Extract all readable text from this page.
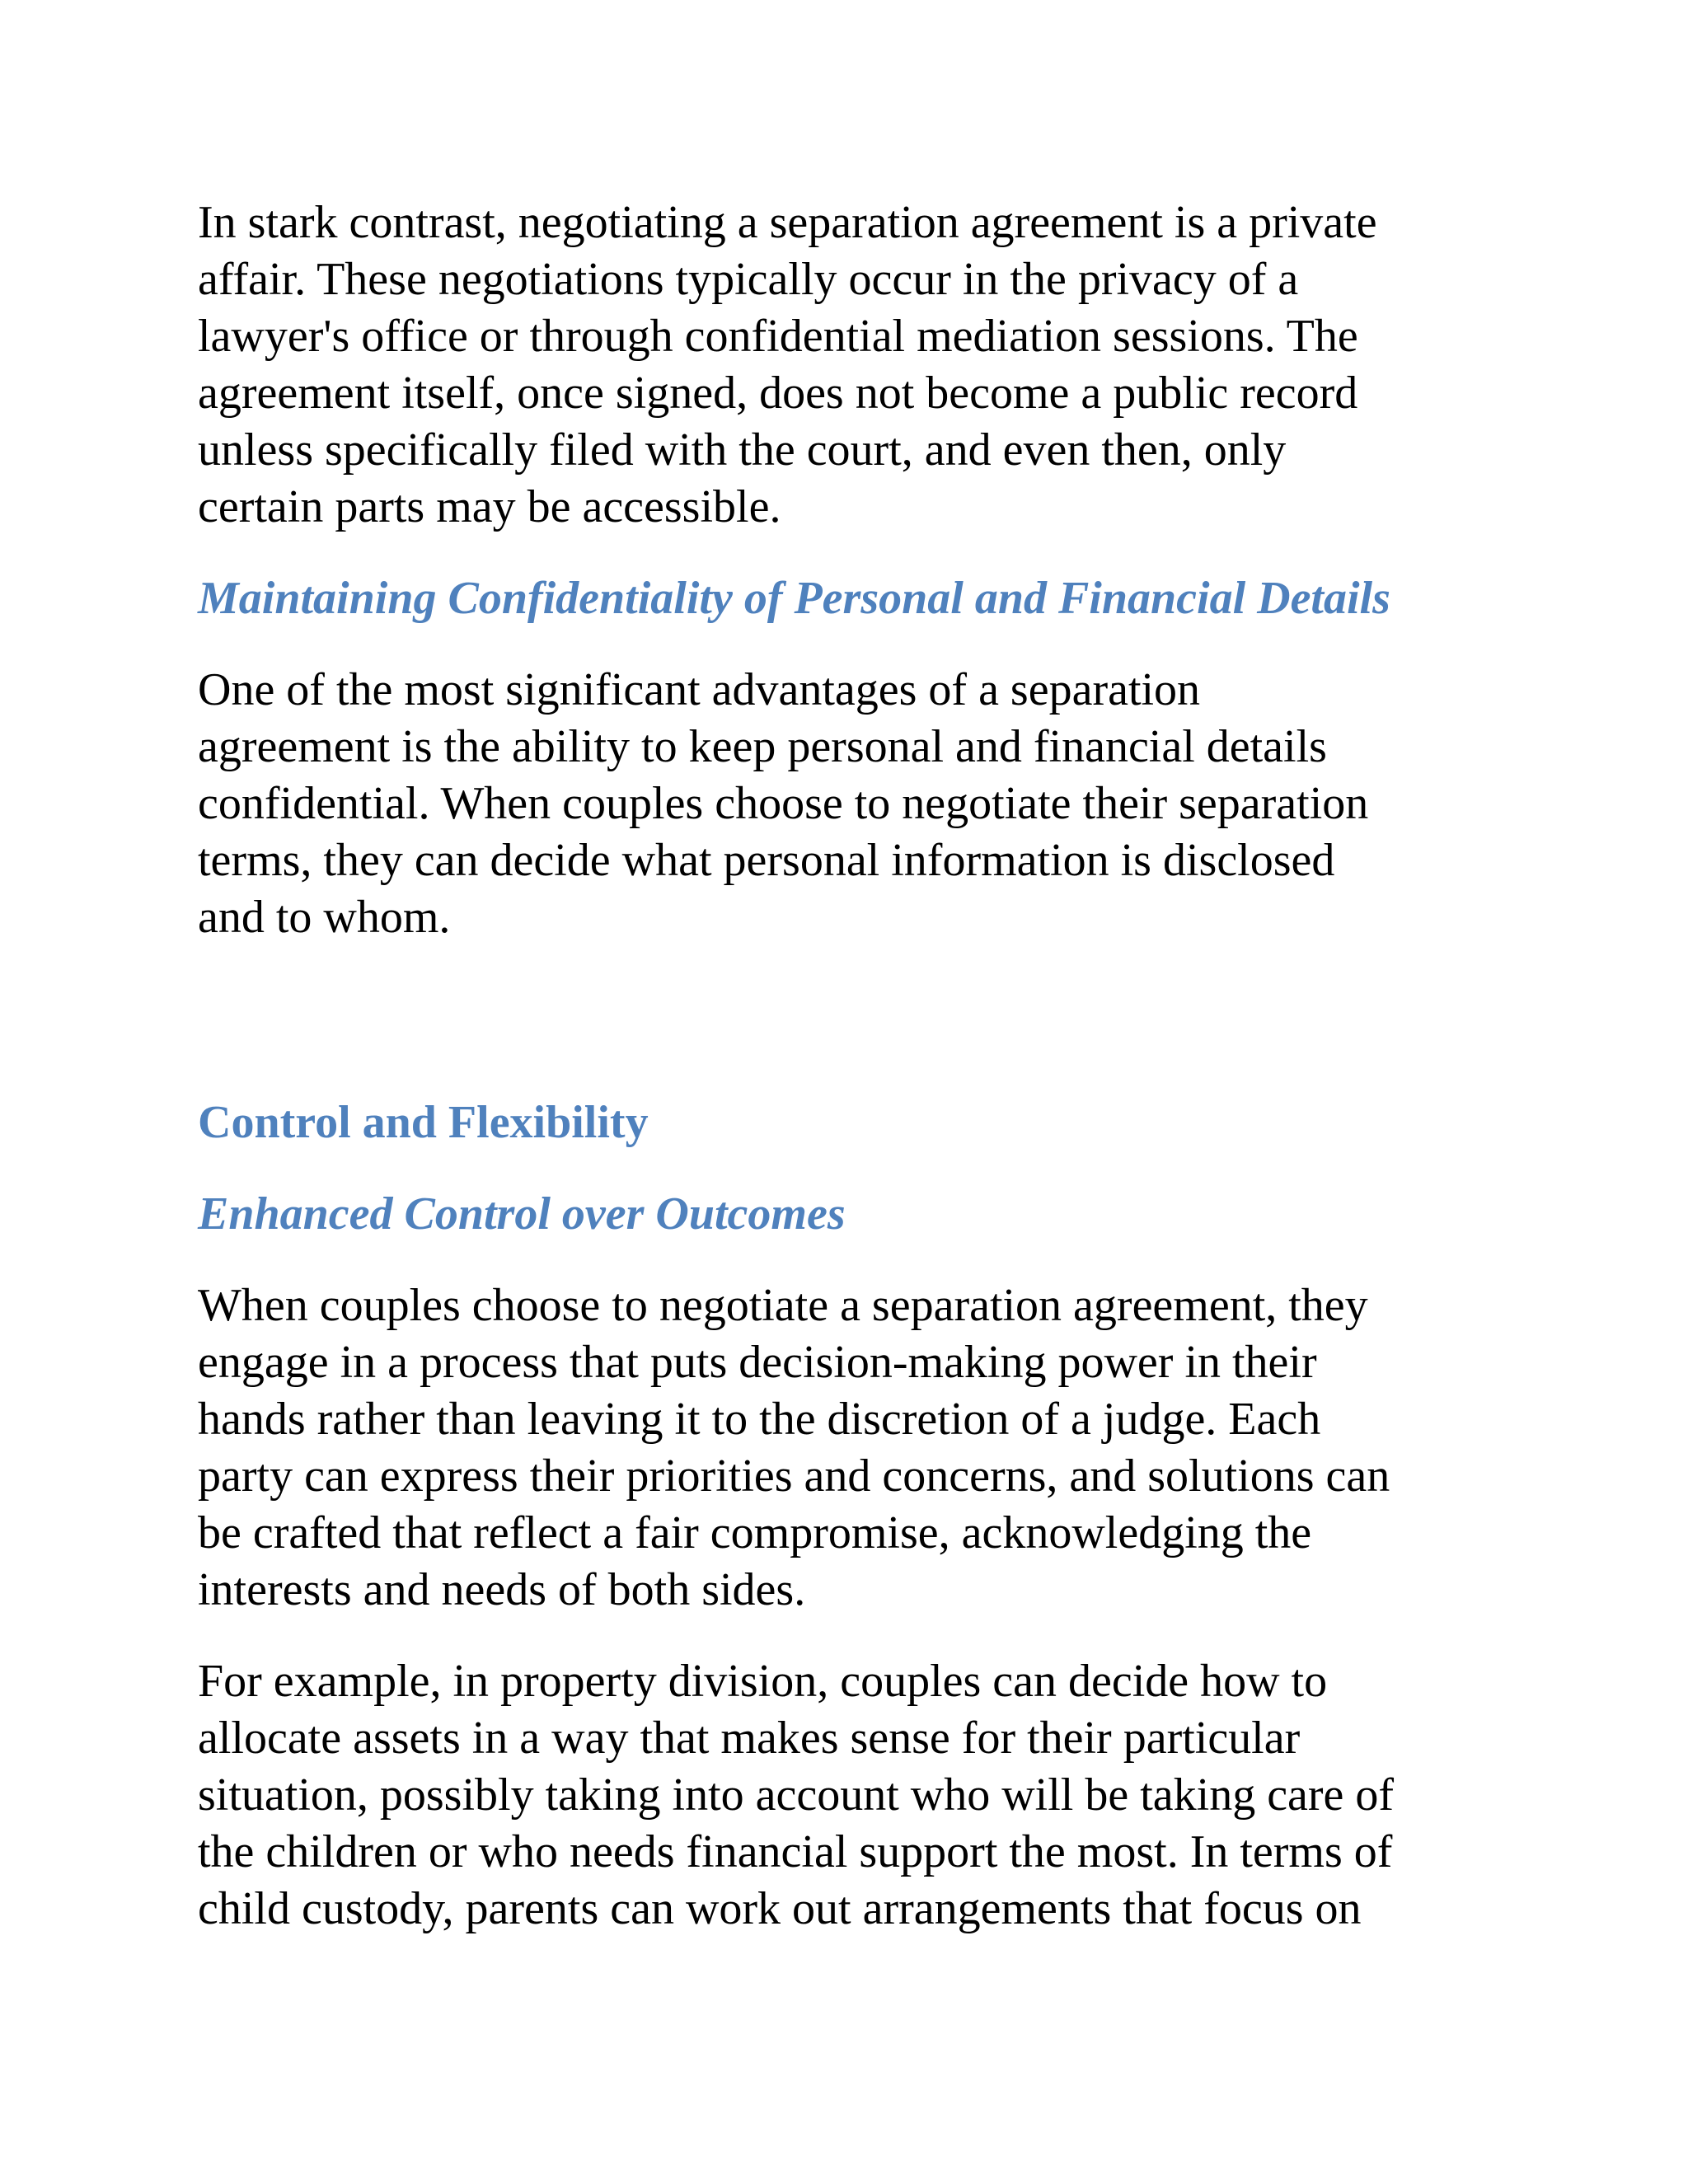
In stark contrast, negotiating a separation agreement is a private
affair. These negotiations typically occur in the privacy of a
lawyer's office or through confidential mediation sessions. The
agreement itself, once signed, does not become a public record
unless specifically filed with the court, and even then, only
certain parts may be accessible.

Maintaining Confidentiality of Personal and Financial Details

One of the most significant advantages of a separation
agreement is the ability to keep personal and financial details
confidential. When couples choose to negotiate their separation
terms, they can decide what personal information is disclosed
and to whom.

Control and Flexibility
Enhanced Control over Outcomes

When couples choose to negotiate a separation agreement, they
engage in a process that puts decision-making power in their
hands rather than leaving it to the discretion of a judge. Each
party can express their priorities and concerns, and solutions can
be crafted that reflect a fair compromise, acknowledging the
interests and needs of both sides.

For example, in property division, couples can decide how to
allocate assets in a way that makes sense for their particular
situation, possibly taking into account who will be taking care of
the children or who needs financial support the most. In terms of
child custody, parents can work out arrangements that focus on
